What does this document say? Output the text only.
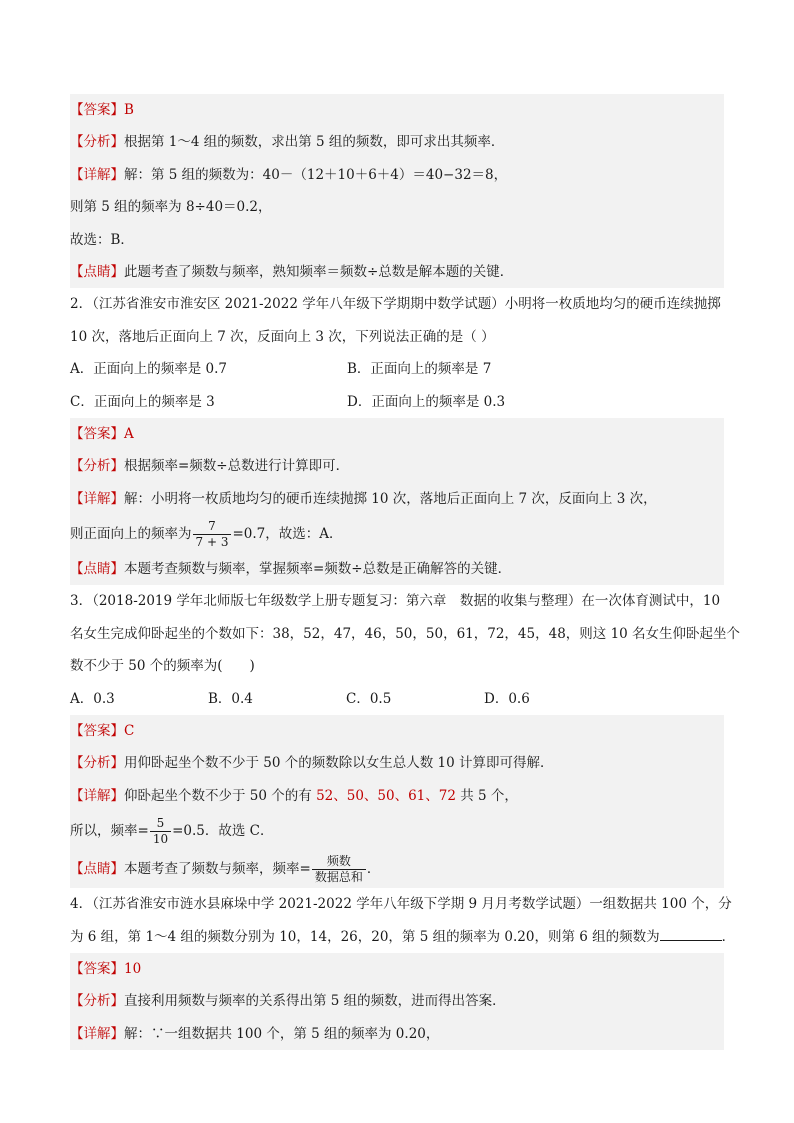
【答案】B
【分析】根据第 1～4 组的频数，求出第 5 组的频数，即可求出其频率．
【详解】解：第 5 组的频数为：40－（12＋10＋6＋4）＝40−32＝8，
则第 5 组的频率为 8÷40＝0.2，
故选：B．
【点睛】此题考查了频数与频率，熟知频率＝频数÷总数是解本题的关键．
2．（江苏省淮安市淮安区 2021-2022 学年八年级下学期期中数学试题）小明将一枚质地均匀的硬币连续抛掷
10 次，落地后正面向上 7 次，反面向上 3 次，下列说法正确的是（ ）
A．正面向上的频率是 0.7	B．正面向上的频率是 7
C．正面向上的频率是 3	D．正面向上的频率是 0.3
【答案】A
【分析】根据频率=频数÷总数进行计算即可．
【详解】解：小明将一枚质地均匀的硬币连续抛掷 10 次，落地后正面向上 7 次，反面向上 3 次，
则正面向上的频率为 $\frac{7}{7 + 3} =0.7$，故选：A．
【点睛】本题考查频数与频率，掌握频率=频数÷总数是正确解答的关键．
3．（2018-2019 学年北师版七年级数学上册专题复习：第六章　数据的收集与整理）在一次体育测试中，10
名女生完成仰卧起坐的个数如下：38，52，47，46，50，50，61，72，45，48，则这 10 名女生仰卧起坐个
数不少于 50 个的频率为(　　)
A．0.3	B．0.4	C．0.5	D．0.6
【答案】C
【分析】用仰卧起坐个数不少于 50 个的频数除以女生总人数 10 计算即可得解．
【详解】仰卧起坐个数不少于 50 个的有 52、50、50、61、72 共 5 个，
所以，频率= $\frac{5}{10} =0.5$．故选 C．
【点睛】本题考查了频数与频率，频率= $\frac{\text{频数}}{\text{数据总和}}$ ．
4．（江苏省淮安市涟水县麻垛中学 2021-2022 学年八年级下学期 9 月月考数学试题）一组数据共 100 个，分
为 6 组，第 1～4 组的频数分别为 10，14，26，20，第 5 组的频率为 0.20，则第 6 组的频数为	．
【答案】10
【分析】直接利用频数与频率的关系得出第 5 组的频数，进而得出答案．
【详解】解：∵一组数据共 100 个，第 5 组的频率为 0.20，
